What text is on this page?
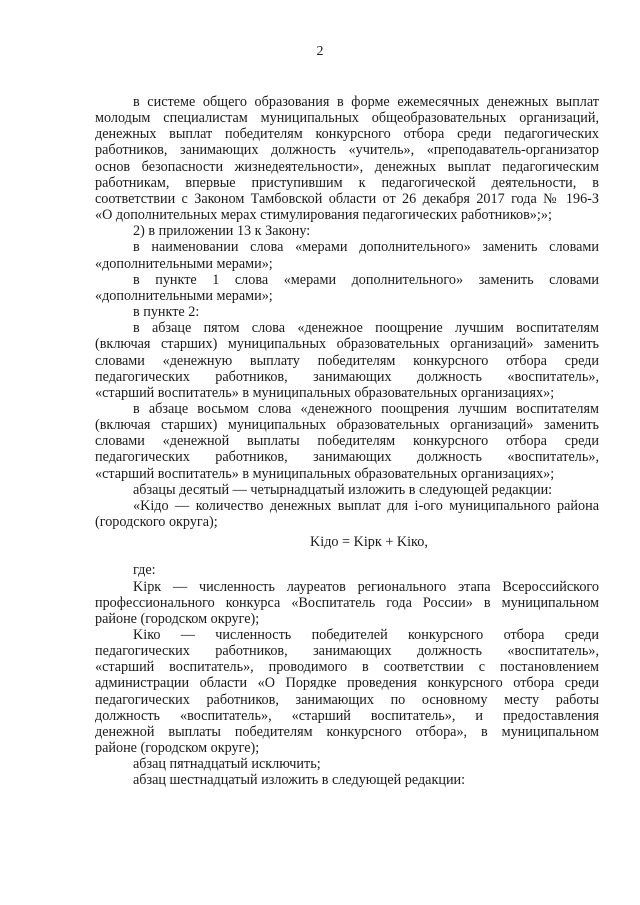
2
в системе общего образования в форме ежемесячных денежных выплат
молодым специалистам муниципальных общеобразовательных организаций,
денежных выплат победителям конкурсного отбора среди педагогических
работников, занимающих должность «учитель», «преподаватель-организатор
основ безопасности жизнедеятельности», денежных выплат педагогическим
работникам, впервые приступившим к педагогической деятельности, в
соответствии с Законом Тамбовской области от 26 декабря 2017 года № 196-З
«О дополнительных мерах стимулирования педагогических работников»;»;
2) в приложении 13 к Закону:
в наименовании слова «мерами дополнительного» заменить словами
«дополнительными мерами»;
в пункте 1 слова «мерами дополнительного» заменить словами
«дополнительными мерами»;
в пункте 2:
в абзаце пятом слова «денежное поощрение лучшим воспитателям
(включая старших) муниципальных образовательных организаций» заменить
словами «денежную выплату победителям конкурсного отбора среди
педагогических работников, занимающих должность «воспитатель»,
«старший воспитатель» в муниципальных образовательных организациях»;
в абзаце восьмом слова «денежного поощрения лучшим воспитателям
(включая старших) муниципальных образовательных организаций» заменить
словами «денежной выплаты победителям конкурсного отбора среди
педагогических работников, занимающих должность «воспитатель»,
«старший воспитатель» в муниципальных образовательных организациях»;
абзацы десятый — четырнадцатый изложить в следующей редакции:
«Kiдо — количество денежных выплат для i-ого муниципального района
(городского округа);
Kiдо = Kiрк + Kiко,
где:
Kiрк — численность лауреатов регионального этапа Всероссийского
профессионального конкурса «Воспитатель года России» в муниципальном
районе (городском округе);
Kiко — численность победителей конкурсного отбора среди
педагогических работников, занимающих должность «воспитатель»,
«старший воспитатель», проводимого в соответствии с постановлением
администрации области «О Порядке проведения конкурсного отбора среди
педагогических работников, занимающих по основному месту работы
должность «воспитатель», «старший воспитатель», и предоставления
денежной выплаты победителям конкурсного отбора», в муниципальном
районе (городском округе);
абзац пятнадцатый исключить;
абзац шестнадцатый изложить в следующей редакции:
